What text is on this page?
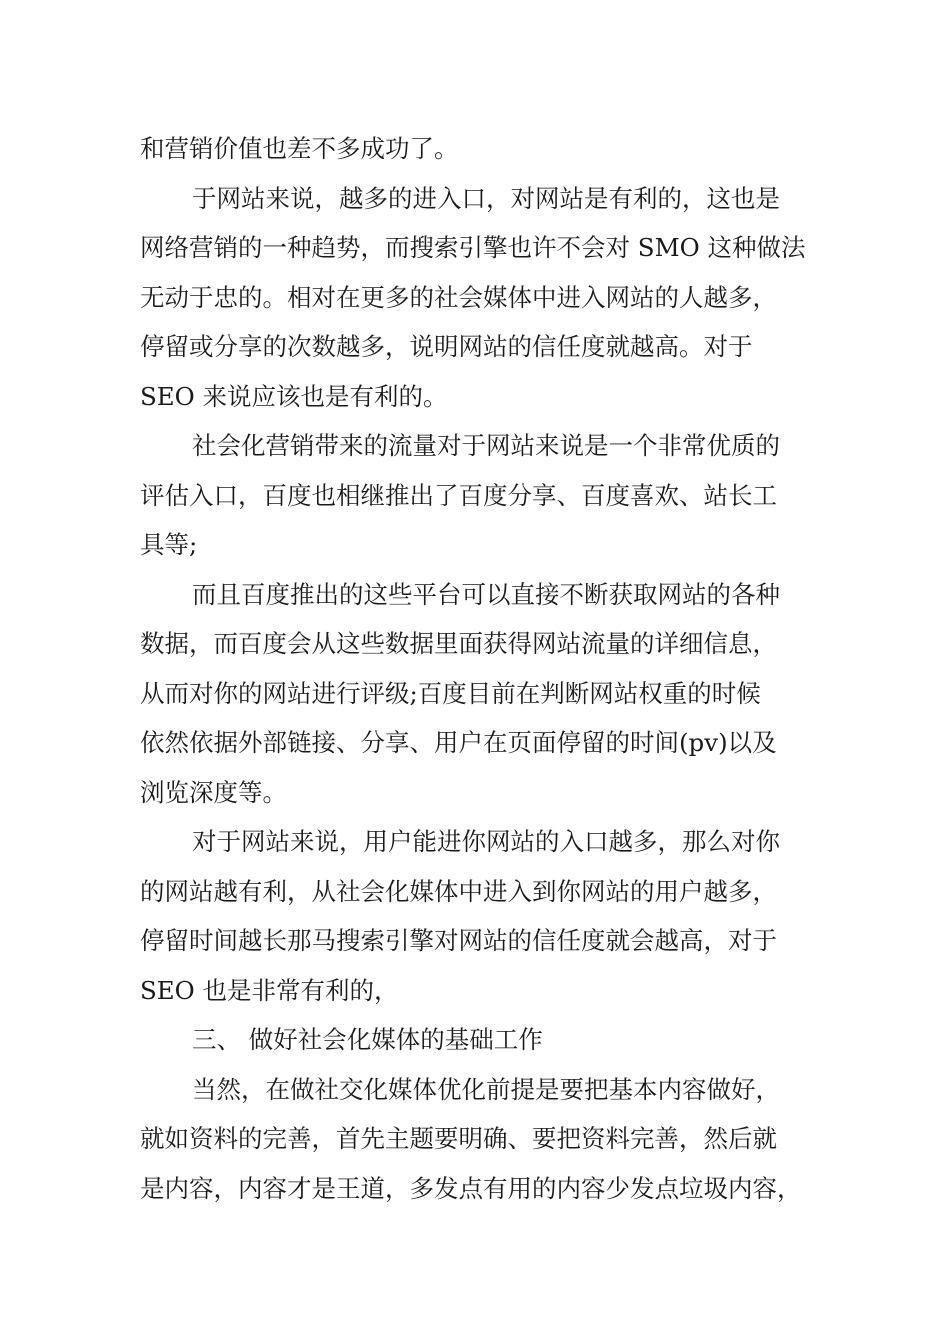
和营销价值也差不多成功了。
于网站来说，越多的进入口，对网站是有利的，这也是
网络营销的一种趋势，而搜索引擎也许不会对 SMO 这种做法
无动于忠的。相对在更多的社会媒体中进入网站的人越多，
停留或分享的次数越多，说明网站的信任度就越高。对于
SEO 来说应该也是有利的。
社会化营销带来的流量对于网站来说是一个非常优质的
评估入口，百度也相继推出了百度分享、百度喜欢、站长工
具等;
而且百度推出的这些平台可以直接不断获取网站的各种
数据，而百度会从这些数据里面获得网站流量的详细信息，
从而对你的网站进行评级;百度目前在判断网站权重的时候
依然依据外部链接、分享、用户在页面停留的时间(pv)以及
浏览深度等。
对于网站来说，用户能进你网站的入口越多，那么对你
的网站越有利，从社会化媒体中进入到你网站的用户越多，
停留时间越长那马搜索引擎对网站的信任度就会越高，对于
SEO 也是非常有利的，
三、 做好社会化媒体的基础工作
当然，在做社交化媒体优化前提是要把基本内容做好，
就如资料的完善，首先主题要明确、要把资料完善，然后就
是内容，内容才是王道，多发点有用的内容少发点垃圾内容，
